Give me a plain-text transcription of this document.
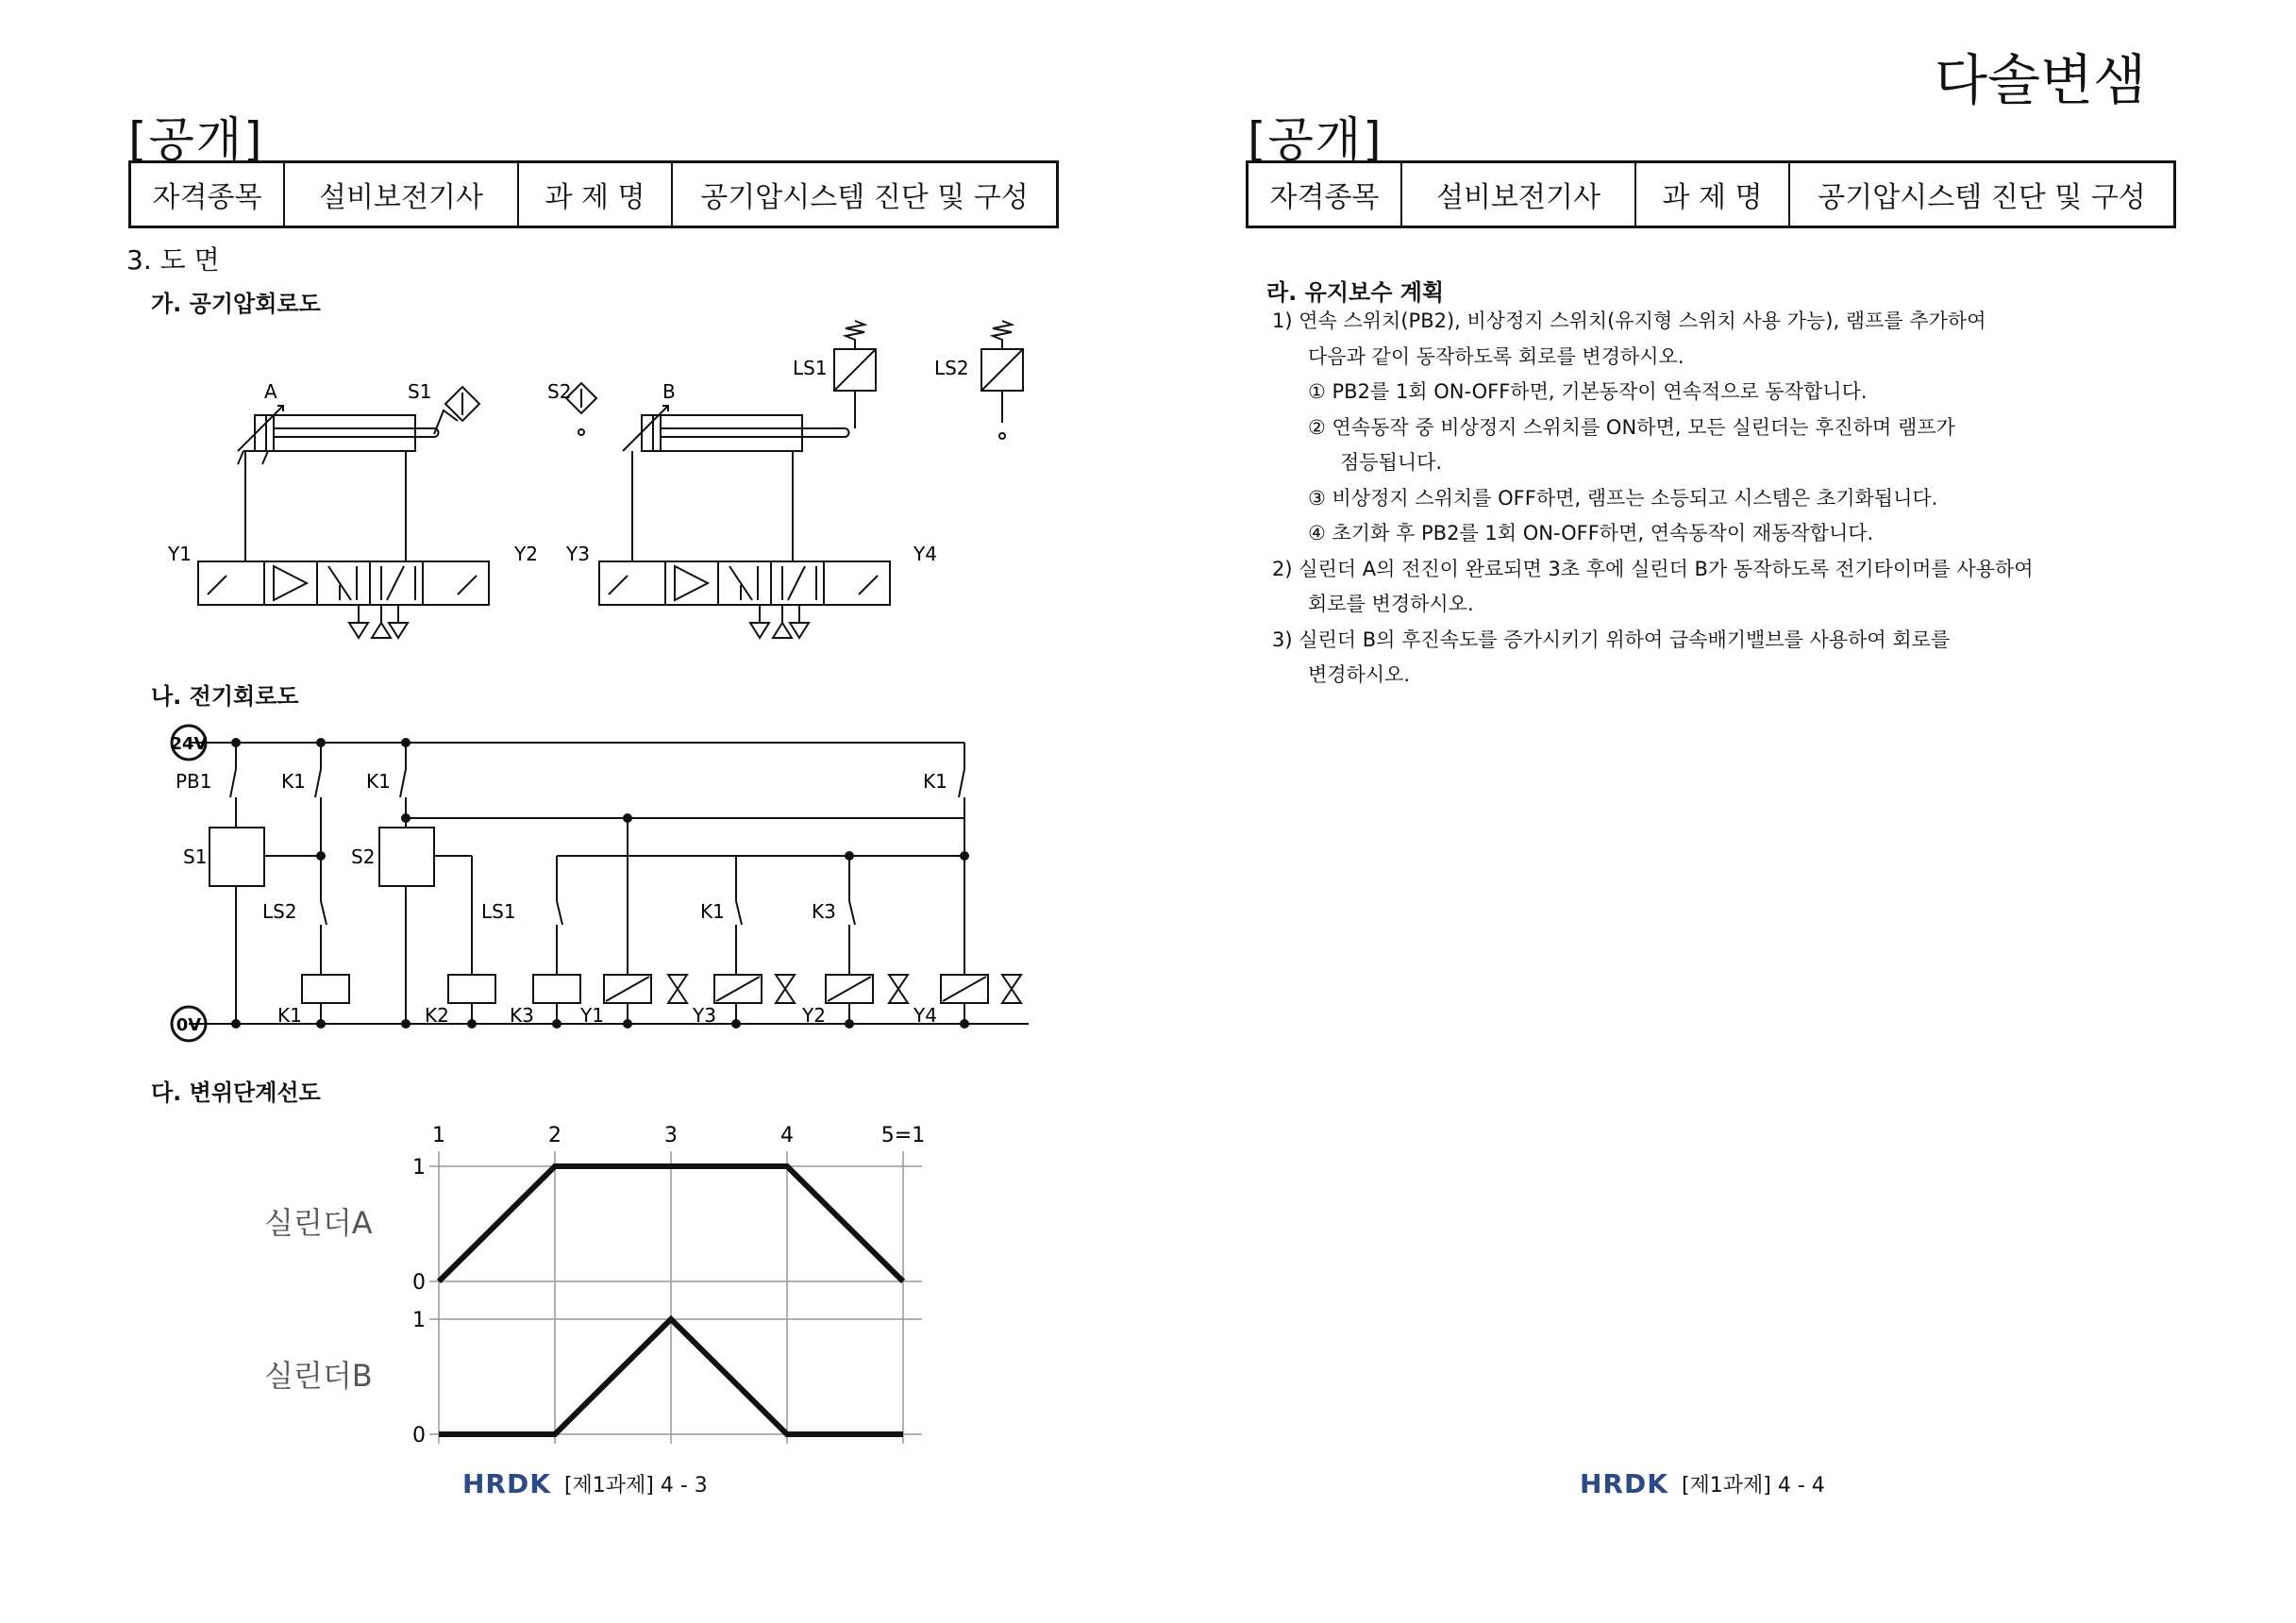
다솔변샘
[공개]
자격종목	설비보전기사	과 제 명	공기압시스템 진단 및 구성
3. 도 면
가. 공기압회로도
나. 전기회로도
다. 변위단계선도
A	S1	S2	B
LS1	LS2
Y1	Y2 Y3	Y4
24V
0V
PB1	K1	K1	K1
S1	S2
LS2	LS1	K1	K3
K1	K2	K3 Y1	Y3	Y2	Y4
1	2	3	4	5=1
1
0
실린더A
1
0
실린더B
HRDK [제1과제] 4 - 3
[공개]
자격종목	설비보전기사	과 제 명	공기압시스템 진단 및 구성
라. 유지보수 계획
1) 연속 스위치(PB2), 비상정지 스위치(유지형 스위치 사용 가능), 램프를 추가하여
다음과 같이 동작하도록 회로를 변경하시오.
① PB2를 1회 ON-OFF하면, 기본동작이 연속적으로 동작합니다.
② 연속동작 중 비상정지 스위치를 ON하면, 모든 실린더는 후진하며 램프가
점등됩니다.
③ 비상정지 스위치를 OFF하면, 램프는 소등되고 시스템은 초기화됩니다.
④ 초기화 후 PB2를 1회 ON-OFF하면, 연속동작이 재동작합니다.
2) 실린더 A의 전진이 완료되면 3초 후에 실린더 B가 동작하도록 전기타이머를 사용하여
회로를 변경하시오.
3) 실린더 B의 후진속도를 증가시키기 위하여 급속배기밸브를 사용하여 회로를
변경하시오.
HRDK [제1과제] 4 - 4
